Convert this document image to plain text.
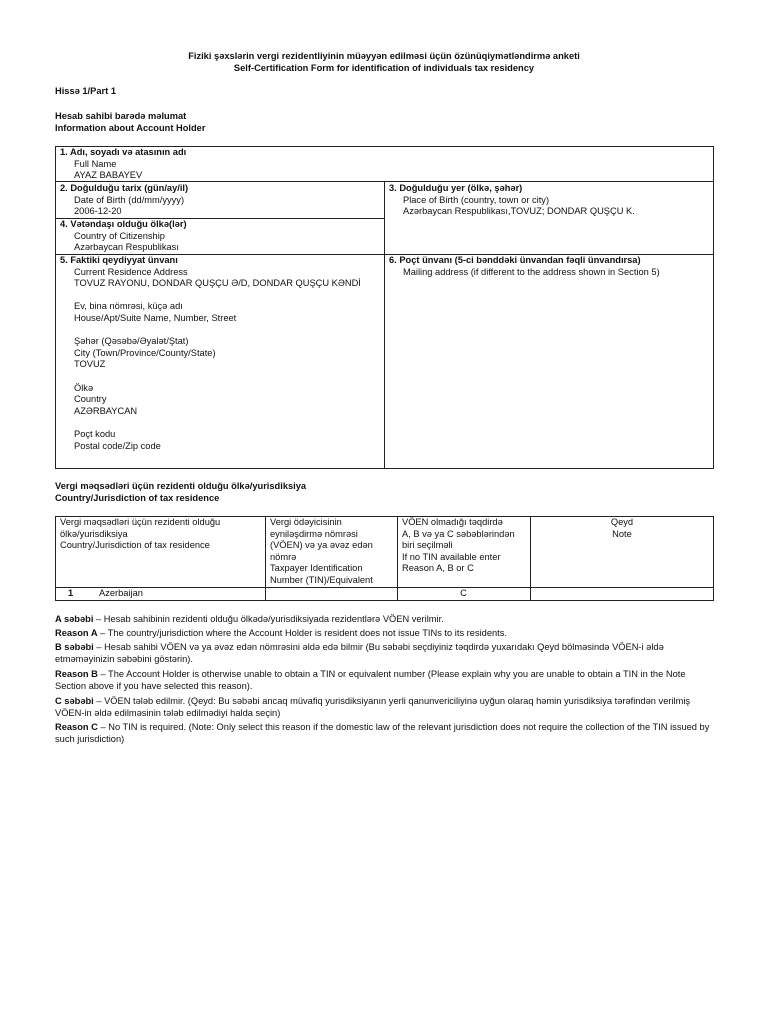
Fiziki şəxslərin vergi rezidentliyinin müəyyən edilməsi üçün özünüqiymətləndirmə anketi
Self-Certification Form for identification of individuals tax residency
Hissə 1/Part 1
Hesab sahibi barədə məlumat
Information about Account Holder
1. Adı, soyadı və atasının adı
Full Name
AYAZ BABAYEV
2. Doğulduğu tarix (gün/ay/il)
Date of Birth (dd/mm/yyyy)
2006-12-20
3. Doğulduğu yer (ölkə, şəhər)
Place of Birth (country, town or city)
Azərbaycan Respublikası,TOVUZ; DONDAR QUŞÇU K.
4. Vətəndaşı olduğu ölkə(lər)
Country of Citizenship
Azərbaycan Respublikası
5. Faktiki qeydiyyat ünvanı
Current Residence Address
TOVUZ RAYONU, DONDAR QUŞÇU Ə/D, DONDAR QUŞÇU KƏNDİ
Ev, bina nömrəsi, küçə adı
House/Apt/Suite Name, Number, Street
Şəhər (Qəsəbə/Əyalət/Ştat)
City (Town/Province/County/State)
TOVUZ
Ölkə
Country
AZƏRBAYCAN
Poçt kodu
Postal code/Zip code
6. Poçt ünvanı (5-ci bənddəki ünvandan fəqli ünvandırsa)
Mailing address (if different to the address shown in Section 5)
Vergi məqsədləri üçün rezidenti olduğu ölkə/yurisdiksiya
Country/Jurisdiction of tax residence
Vergi məqsədləri üçün rezidenti olduğu
ölkə/yurisdiksiya
Country/Jurisdiction of tax residence
Vergi ödəyicisinin
eyniləşdirmə nömrəsi
(VÖEN) və ya əvəz edən
nömrə
Taxpayer Identification
Number (TIN)/Equivalent
VÖEN olmadığı təqdirdə
A, B və ya C səbəblərindən
biri seçilməli
If no TIN available enter
Reason A, B or C
Qeyd
Note
1	Azerbaijan	C
A səbəbi – Hesab sahibinin rezidenti olduğu ölkədə/yurisdiksiyada rezidentlərə VÖEN verilmir.
Reason A – The country/jurisdiction where the Account Holder is resident does not issue TINs to its residents.
B səbəbi – Hesab sahibi VÖEN və ya əvəz edən nömrəsini əldə edə bilmir (Bu səbəbi seçdiyiniz təqdirdə yuxarıdakı Qeyd bölməsində VÖEN-i əldə etməməyinizin səbəbini göstərin).
Reason B – The Account Holder is otherwise unable to obtain a TIN or equivalent number (Please explain why you are unable to obtain a TIN in the Note Section above if you have selected this reason).
C səbəbi – VÖEN tələb edilmir. (Qeyd: Bu səbəbi ancaq müvafiq yurisdiksiyanın yerli qanunvericiliyinə uyğun olaraq həmin yurisdiksiya tərəfindən verilmiş VÖEN-in əldə edilməsinin tələb edilmədiyi halda seçin)
Reason C – No TIN is required. (Note: Only select this reason if the domestic law of the relevant jurisdiction does not require the collection of the TIN issued by such jurisdiction)
